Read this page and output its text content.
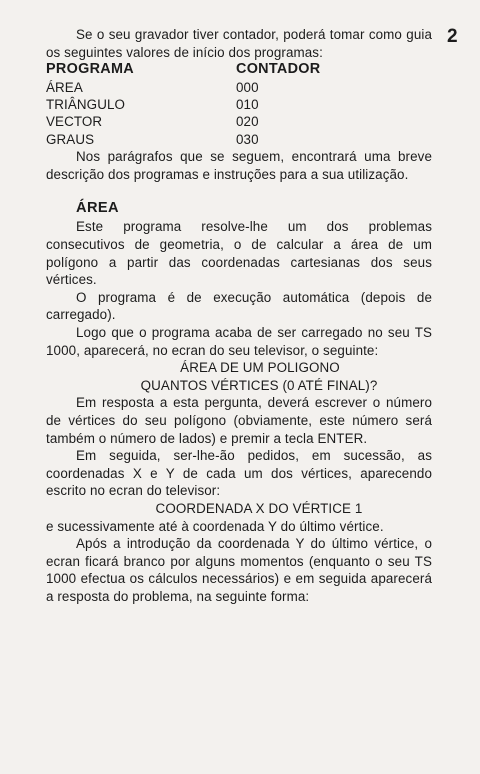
2

Se o seu gravador tiver contador, poderá tomar como guia os seguintes valores de início dos programas:

PROGRAMA	CONTADOR
ÁREA	000
TRIÂNGULO	010
VECTOR	020
GRAUS	030

Nos parágrafos que se seguem, encontrará uma breve descrição dos programas e instruções para a sua utilização.

ÁREA

Este programa resolve-lhe um dos problemas consecutivos de geometria, o de calcular a área de um polígono a partir das coordenadas cartesianas dos seus vértices.

O programa é de execução automática (depois de carregado).

Logo que o programa acaba de ser carregado no seu TS 1000, aparecerá, no ecran do seu televisor, o seguinte:

ÁREA DE UM POLIGONO
QUANTOS VÉRTICES (0 ATÉ FINAL)?

Em resposta a esta pergunta, deverá escrever o número de vértices do seu polígono (obviamente, este número será também o número de lados) e premir a tecla ENTER.

Em seguida, ser-lhe-ão pedidos, em sucessão, as coordenadas X e Y de cada um dos vértices, aparecendo escrito no ecran do televisor:

COORDENADA X DO VÉRTICE 1

e sucessivamente até à coordenada Y do último vértice.

Após a introdução da coordenada Y do último vértice, o ecran ficará branco por alguns momentos (enquanto o seu TS 1000 efectua os cálculos necessários) e em seguida aparecerá a resposta do problema, na seguinte forma:
